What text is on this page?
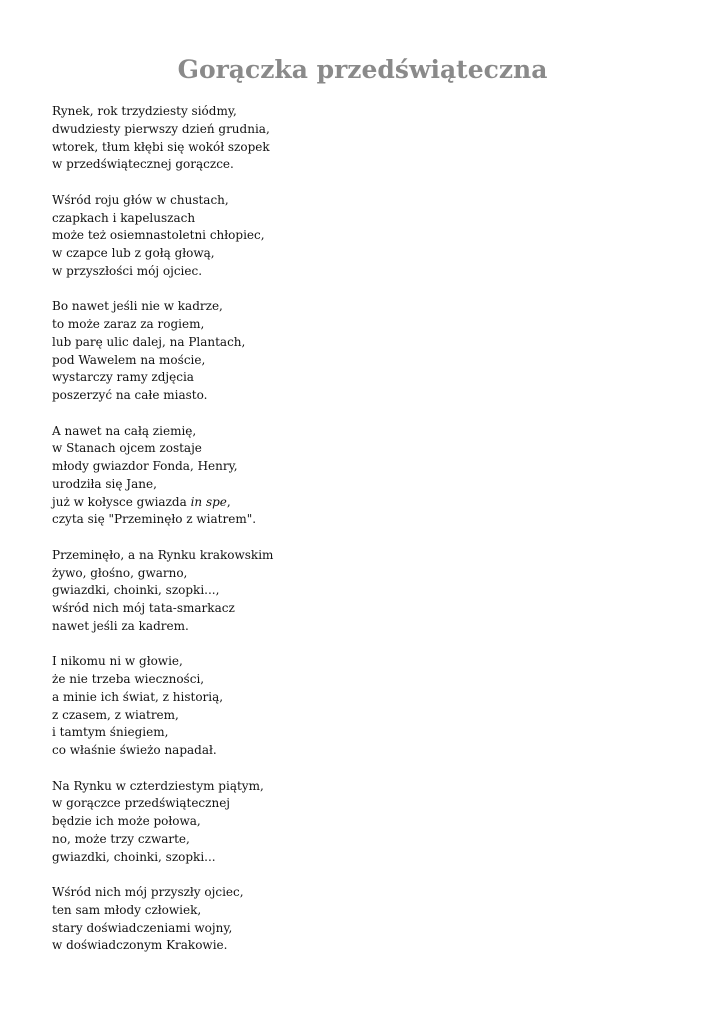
Gorączka przedświąteczna
Rynek, rok trzydziesty siódmy,
dwudziesty pierwszy dzień grudnia,
wtorek, tłum kłębi się wokół szopek
w przedświątecznej gorączce.
Wśród roju głów w chustach,
czapkach i kapeluszach
może też osiemnastoletni chłopiec,
w czapce lub z gołą głową,
w przyszłości mój ojciec.
Bo nawet jeśli nie w kadrze,
to może zaraz za rogiem,
lub parę ulic dalej, na Plantach,
pod Wawelem na moście,
wystarczy ramy zdjęcia
poszerzyć na całe miasto.
A nawet na całą ziemię,
w Stanach ojcem zostaje
młody gwiazdor Fonda, Henry,
urodziła się Jane,
już w kołysce gwiazda in spe,
czyta się "Przeminęło z wiatrem".
Przeminęło, a na Rynku krakowskim
żywo, głośno, gwarno,
gwiazdki, choinki, szopki...,
wśród nich mój tata-smarkacz
nawet jeśli za kadrem.
I nikomu ni w głowie,
że nie trzeba wieczności,
a minie ich świat, z historią,
z czasem, z wiatrem,
i tamtym śniegiem,
co właśnie świeżo napadał.
Na Rynku w czterdziestym piątym,
w gorączce przedświątecznej
będzie ich może połowa,
no, może trzy czwarte,
gwiazdki, choinki, szopki...
Wśród nich mój przyszły ojciec,
ten sam młody człowiek,
stary doświadczeniami wojny,
w doświadczonym Krakowie.
